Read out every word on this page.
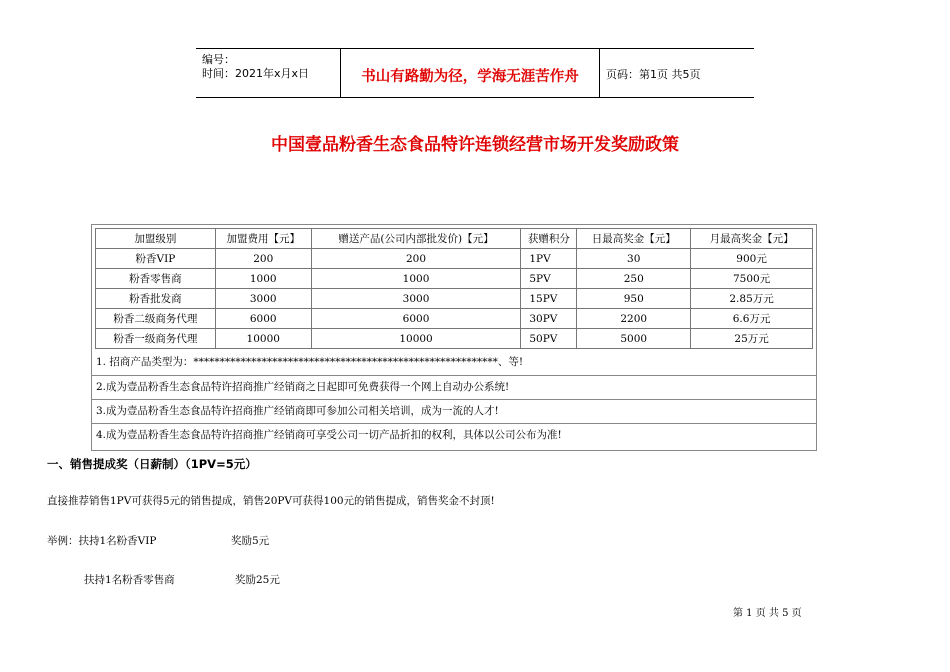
编号：
时间：2021年x月x日	书山有路勤为径，学海无涯苦作舟	页码：第1页 共5页
中国壹品粉香生态食品特许连锁经营市场开发奖励政策
加盟级别	加盟费用【元】	赠送产品(公司内部批发价)【元】	获赠积分	日最高奖金【元】	月最高奖金【元】
粉香VIP	200	200	1PV	30	900元
粉香零售商	1000	1000	5PV	250	7500元
粉香批发商	3000	3000	15PV	950	2.85万元
粉香二级商务代理	6000	6000	30PV	2200	6.6万元
粉香一级商务代理	10000	10000	50PV	5000	25万元
1. 招商产品类型为：**********************************************************、等!
2.成为壹品粉香生态食品特许招商推广经销商之日起即可免费获得一个网上自动办公系统!
3.成为壹品粉香生态食品特许招商推广经销商即可参加公司相关培训，成为一流的人才!
4.成为壹品粉香生态食品特许招商推广经销商可享受公司一切产品折扣的权利，具体以公司公布为准!
一、销售提成奖（日薪制）（1PV=5元）
直接推荐销售1PV可获得5元的销售提成，销售20PV可获得100元的销售提成，销售奖金不封顶!
举例：扶持1名粉香VIP	奖励5元
扶持1名粉香零售商	奖励25元
第 1 页 共 5 页
